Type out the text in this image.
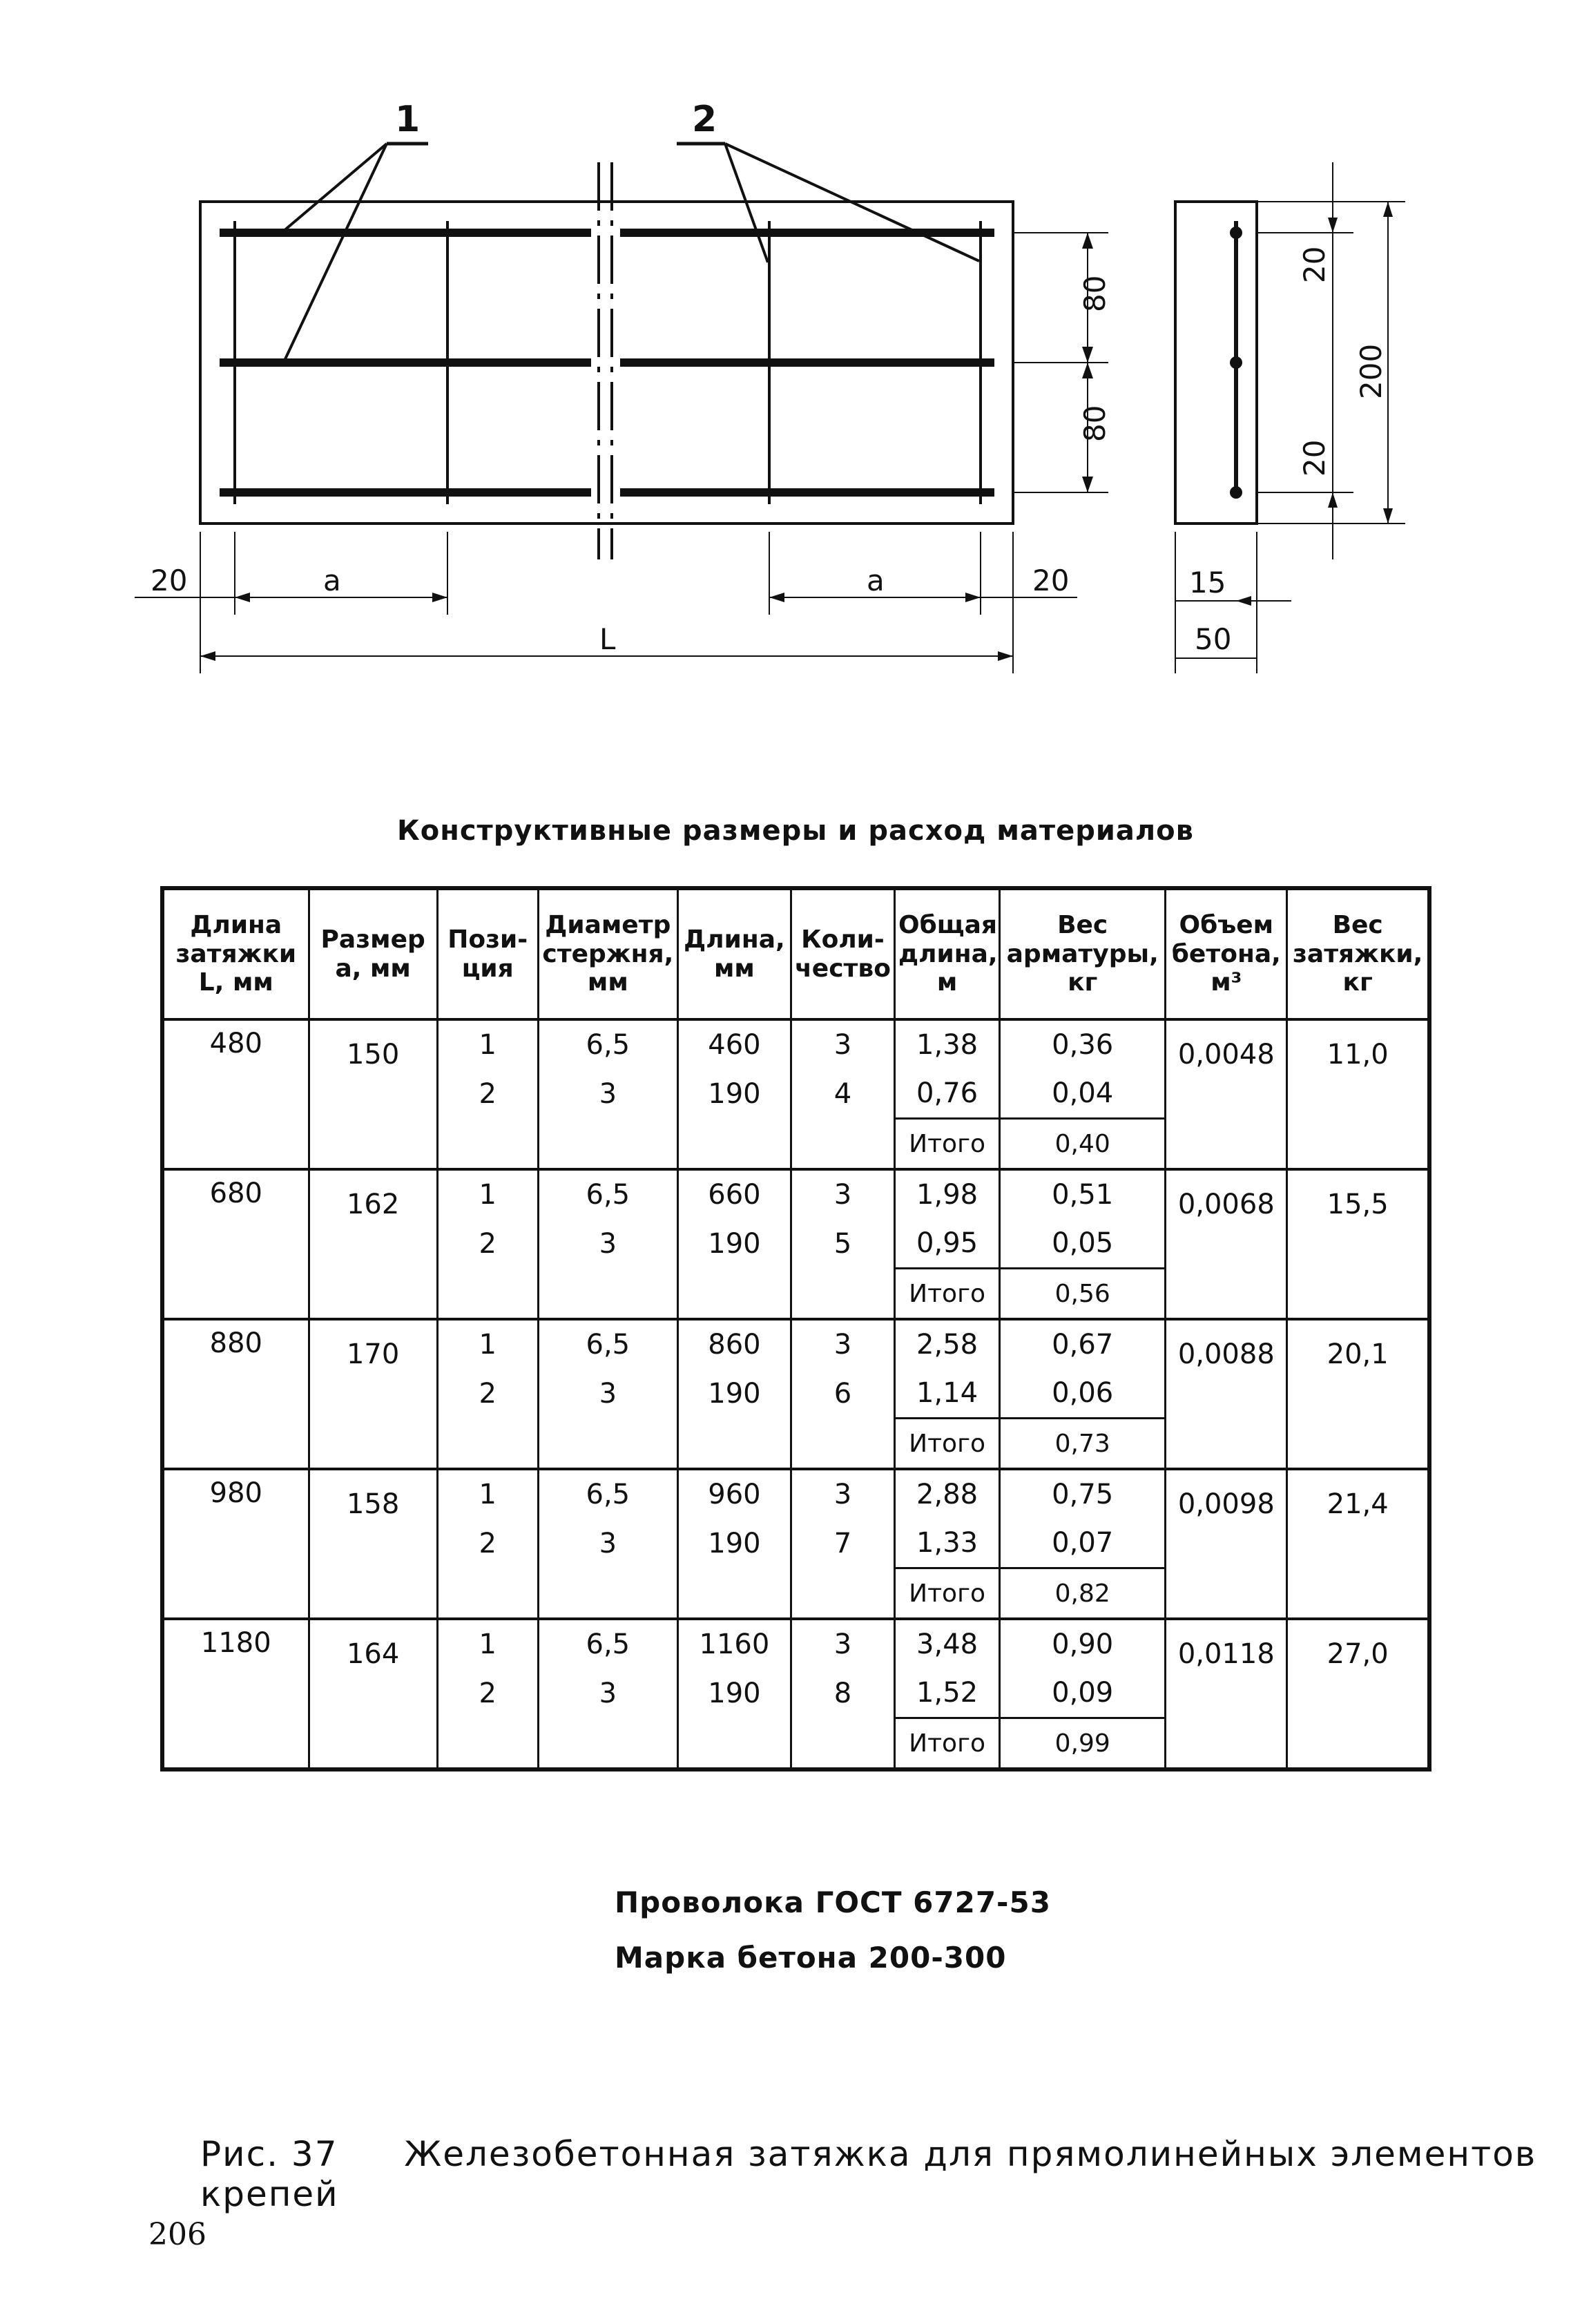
1	2
20	a	a	20
L
80
80
20
200
20
15
50
Конструктивные размеры и расход материалов
Длина затяжки L, мм	Размер a, мм	Пози-ция	Диаметр стержня, мм	Длина, мм	Коли-чество	Общая длина, м	Вес арматуры, кг	Объем бетона, м³	Вес затяжки, кг
480	150	1	6,5	460	3	1,38	0,36	0,0048	11,0
		2	3	190	4	0,76	0,04		
						Итого	0,40		
680	162	1	6,5	660	3	1,98	0,51	0,0068	15,5
		2	3	190	5	0,95	0,05		
						Итого	0,56		
880	170	1	6,5	860	3	2,58	0,67	0,0088	20,1
		2	3	190	6	1,14	0,06		
						Итого	0,73		
980	158	1	6,5	960	3	2,88	0,75	0,0098	21,4
		2	3	190	7	1,33	0,07		
						Итого	0,82		
1180	164	1	6,5	1160	3	3,48	0,90	0,0118	27,0
		2	3	190	8	1,52	0,09		
						Итого	0,99		
Проволока ГОСТ 6727-53
Марка бетона 200-300
Рис. 37 Железобетонная затяжка для прямолинейных элементов крепей
206
